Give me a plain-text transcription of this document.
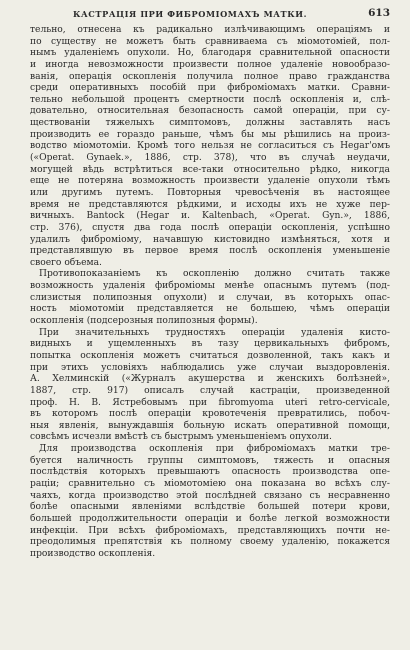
КАСТРАЦІЯ ПРИ ФИБРОМІОМАХЪ МАТКИ.	613
тельно, отнесена къ радикально излѣчивающимъ операціямъ и
по существу не можетъ быть сравниваема съ міомотоміей, пол-
нымъ удаленіемъ опухоли. Но, благодаря сравнительной опасности
и иногда невозможности произвести полное удаленіе новообразо-
ванія, операція оскопленія получила полное право гражданства
среди оперативныхъ пособій при фибромiомахъ матки. Сравни-
тельно небольшой процентъ смертности послѣ оскопленія и, слѣ-
довательно, относительная безопасность самой операціи, при су-
ществованіи тяжелыхъ симптомовъ, должны заставлять насъ
производить ее гораздо раньше, чѣмъ бы мы рѣшились на произ-
водство міомотоміи. Кромѣ того нельзя не согласиться съ Hegar'омъ
(«Operat. Gynaek.», 1886, стр. 378), что въ случаѣ неудачи,
могущей вѣдь встрѣтиться все-таки относительно рѣдко, никогда
еще не потеряна возможность произвести удаленіе опухоли тѣмъ
или другимъ путемъ. Повторныя чревосѣченія въ настоящее
время не представляются рѣдкими, и исходы ихъ не хуже пер-
вичныхъ. Bantock (Hegar и. Kaltenbach, «Operat. Gyn.», 1886,
стр. 376), спустя два года послѣ операціи оскопленія, успѣшно
удалилъ фибромiому, начавшую кистовидно измѣняться, хотя и
представлявшую въ первое время послѣ оскопленія уменьшеніе
своего объема.
Противопоказаніемъ къ оскопленію должно считать также
возможность удаленія фибромiомы менѣе опаснымъ путемъ (под-
слизистыя полипозныя опухоли) и случаи, въ которыхъ опас-
ность міомотоміи представляется не большею, чѣмъ операціи
оскопленія (подсерозныя полипозныя формы).
При значительныхъ трудностяхъ операціи удаленія кисто-
видныхъ и ущемленныхъ въ тазу цервикальныхъ фибромъ,
попытка оскопленія можетъ считаться дозволенной, такъ какъ и
при этихъ условіяхъ наблюдались уже случаи выздоровленія.
А. Хелминскій («Журналъ акушерства и женскихъ болѣзней»,
1887, стр. 917) описалъ случай кастраціи, произведенной
проф. Н. В. Ястребовымъ при fibromyoma uteri retro-cervicale,
въ которомъ послѣ операціи кровотеченія превратились, побоч-
ныя явленія, вынуждавшія больную искать оперативной помощи,
совсѣмъ исчезли вмѣстѣ съ быстрымъ уменьшеніемъ опухоли.
Для производства оскопленія при фибромiомахъ матки тре-
буется наличность группы симптомовъ, тяжесть и опасныя
послѣдствія которыхъ превышаютъ опасность производства опе-
раціи; сравнительно съ міомотоміею она показана во всѣхъ слу-
чаяхъ, когда производство этой послѣдней связано съ несравненно
болѣе опасными явленіями вслѣдствіе большей потери крови,
большей продолжительности операціи и болѣе легкой возможности
инфекціи. При всѣхъ фибромiомахъ, представляющихъ почти не-
преодолимыя препятствія къ полному своему удаленію, покажется
производство оскопленія.
